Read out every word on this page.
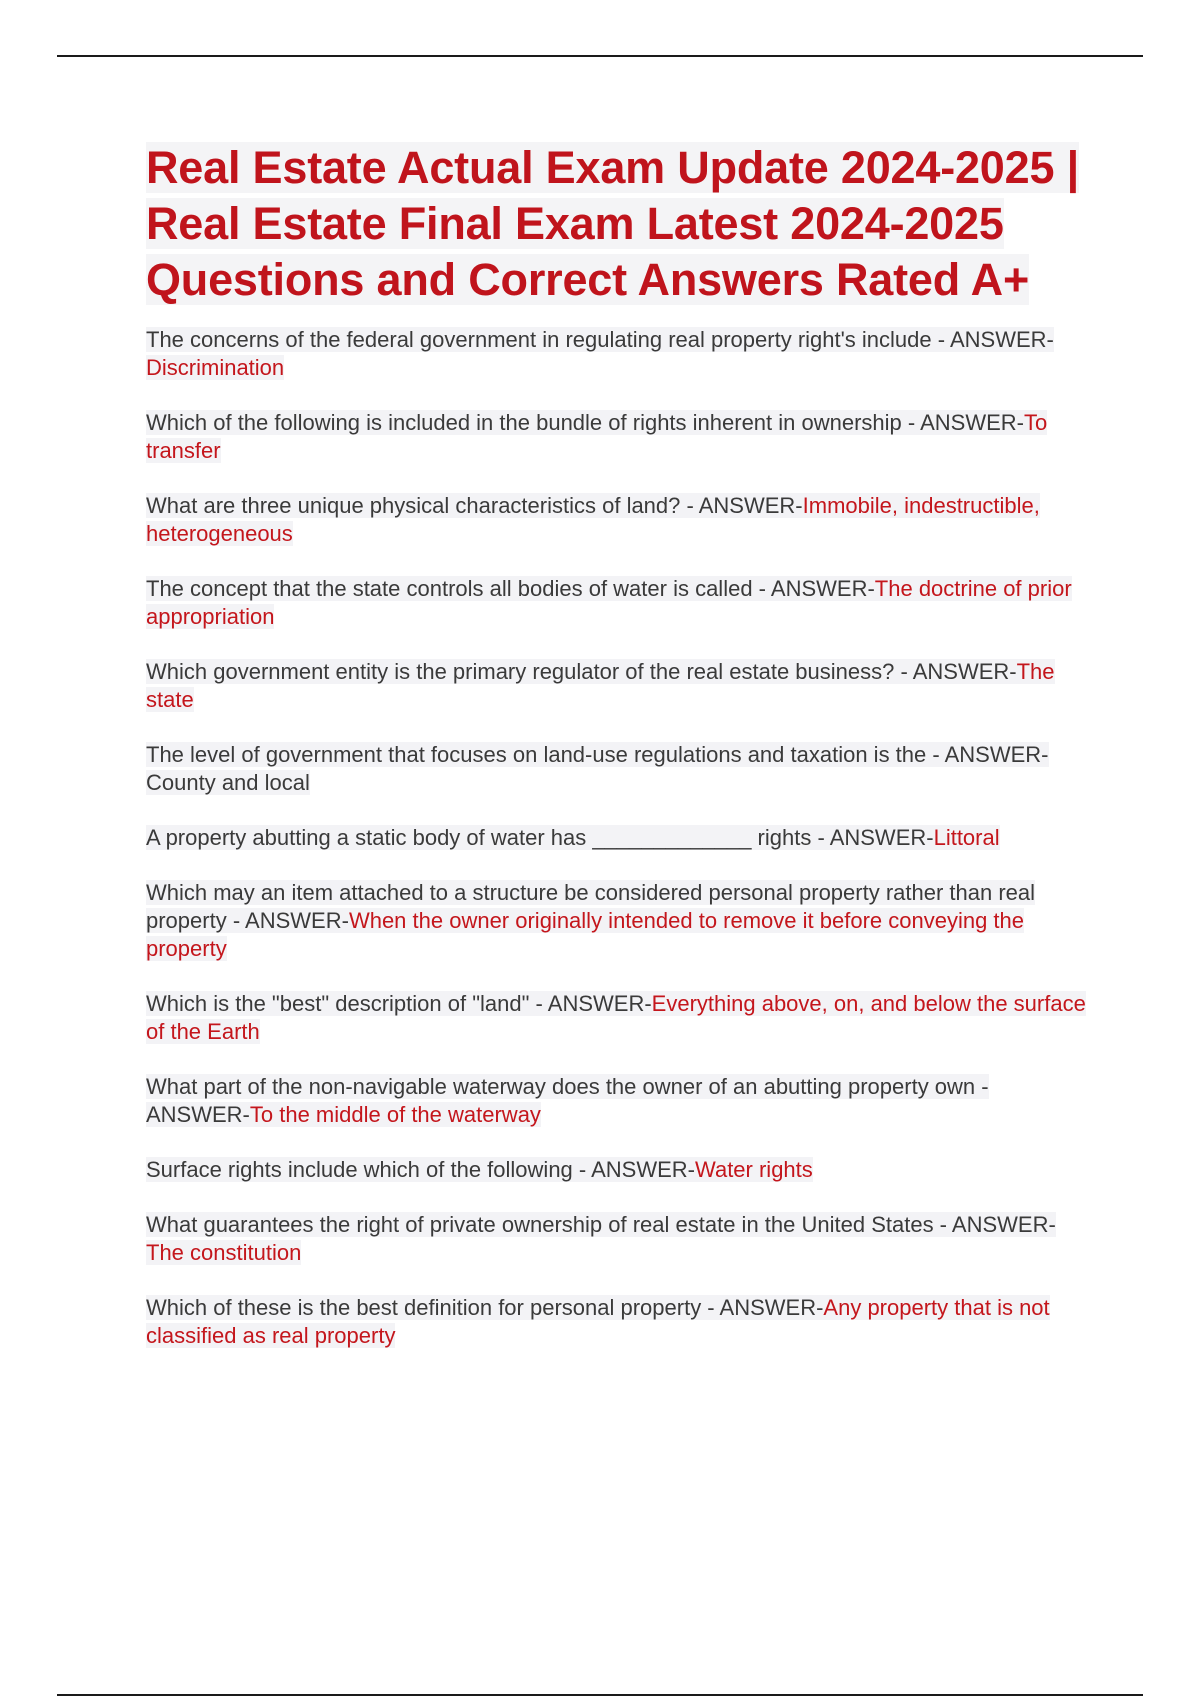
Real Estate Actual Exam Update 2024-2025 | Real Estate Final Exam Latest 2024-2025 Questions and Correct Answers Rated A+
The concerns of the federal government in regulating real property right's include - ANSWER-Discrimination
Which of the following is included in the bundle of rights inherent in ownership - ANSWER-To transfer
What are three unique physical characteristics of land? - ANSWER-Immobile, indestructible, heterogeneous
The concept that the state controls all bodies of water is called - ANSWER-The doctrine of prior appropriation
Which government entity is the primary regulator of the real estate business? - ANSWER-The state
The level of government that focuses on land-use regulations and taxation is the - ANSWER-County and local
A property abutting a static body of water has _____________ rights - ANSWER-Littoral
Which may an item attached to a structure be considered personal property rather than real property - ANSWER-When the owner originally intended to remove it before conveying the property
Which is the "best" description of "land" - ANSWER-Everything above, on, and below the surface of the Earth
What part of the non-navigable waterway does the owner of an abutting property own - ANSWER-To the middle of the waterway
Surface rights include which of the following - ANSWER-Water rights
What guarantees the right of private ownership of real estate in the United States - ANSWER-The constitution
Which of these is the best definition for personal property - ANSWER-Any property that is not classified as real property
